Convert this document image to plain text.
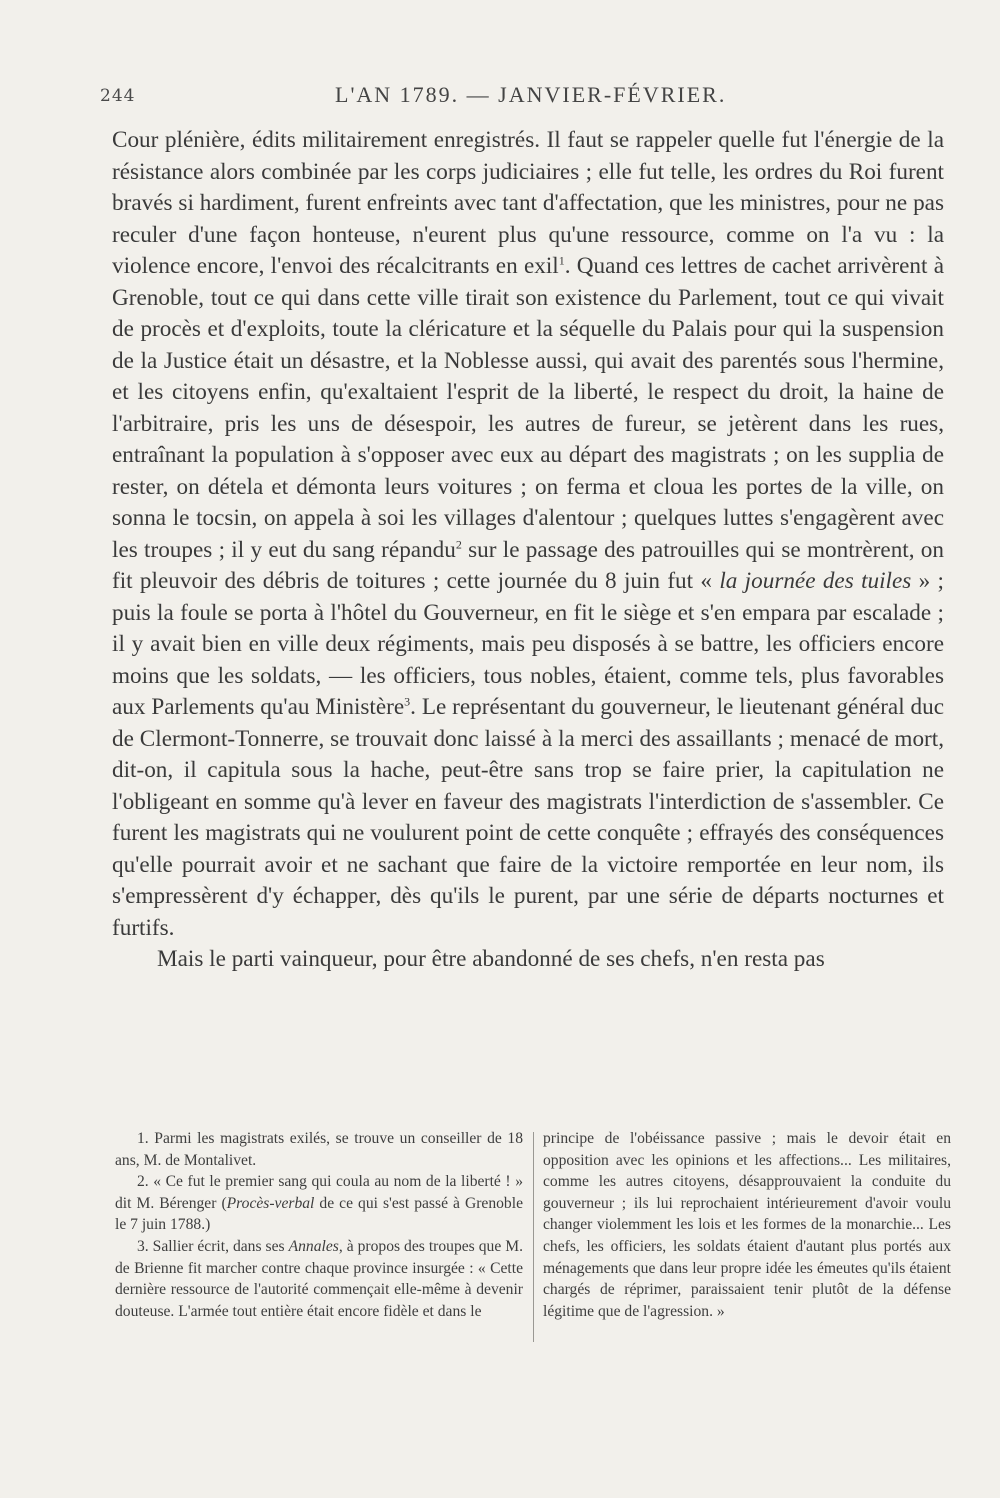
244	L'AN 1789. — JANVIER-FÉVRIER.

Cour plénière, édits militairement enregistrés. Il faut se rappeler quelle fut l'énergie de la résistance alors combinée par les corps judiciaires ; elle fut telle, les ordres du Roi furent bravés si hardiment, furent enfreints avec tant d'affectation, que les ministres, pour ne pas reculer d'une façon honteuse, n'eurent plus qu'une ressource, comme on l'a vu : la violence encore, l'envoi des récalcitrants en exil$^1$. Quand ces lettres de cachet arrivèrent à Grenoble, tout ce qui dans cette ville tirait son existence du Parlement, tout ce qui vivait de procès et d'exploits, toute la cléricature et la séquelle du Palais pour qui la suspension de la Justice était un désastre, et la Noblesse aussi, qui avait des parentés sous l'hermine, et les citoyens enfin, qu'exaltaient l'esprit de la liberté, le respect du droit, la haine de l'arbitraire, pris les uns de désespoir, les autres de fureur, se jetèrent dans les rues, entraînant la population à s'opposer avec eux au départ des magistrats ; on les supplia de rester, on détela et démonta leurs voitures ; on ferma et cloua les portes de la ville, on sonna le tocsin, on appela à soi les villages d'alentour ; quelques luttes s'engagèrent avec les troupes ; il y eut du sang répandu$^2$ sur le passage des patrouilles qui se montrèrent, on fit pleuvoir des débris de toitures ; cette journée du 8 juin fut « la journée des tuiles » ; puis la foule se porta à l'hôtel du Gouverneur, en fit le siège et s'en empara par escalade ; il y avait bien en ville deux régiments, mais peu disposés à se battre, les officiers encore moins que les soldats, — les officiers, tous nobles, étaient, comme tels, plus favorables aux Parlements qu'au Ministère$^3$. Le représentant du gouverneur, le lieutenant général duc de Clermont-Tonnerre, se trouvait donc laissé à la merci des assaillants ; menacé de mort, dit-on, il capitula sous la hache, peut-être sans trop se faire prier, la capitulation ne l'obligeant en somme qu'à lever en faveur des magistrats l'interdiction de s'assembler. Ce furent les magistrats qui ne voulurent point de cette conquête ; effrayés des conséquences qu'elle pourrait avoir et ne sachant que faire de la victoire remportée en leur nom, ils s'empressèrent d'y échapper, dès qu'ils le purent, par une série de départs nocturnes et furtifs.

Mais le parti vainqueur, pour être abandonné de ses chefs, n'en resta pas

1. Parmi les magistrats exilés, se trouve un conseiller de 18 ans, M. de Montalivet.

2. « Ce fut le premier sang qui coula au nom de la liberté ! » dit M. Bérenger (Procès-verbal de ce qui s'est passé à Grenoble le 7 juin 1788.)

3. Sallier écrit, dans ses Annales, à propos des troupes que M. de Brienne fit marcher contre chaque province insurgée : « Cette dernière ressource de l'autorité commençait elle-même à devenir douteuse. L'armée tout entière était encore fidèle et dans le

principe de l'obéissance passive ; mais le devoir était en opposition avec les opinions et les affections... Les militaires, comme les autres citoyens, désapprouvaient la conduite du gouverneur ; ils lui reprochaient intérieurement d'avoir voulu changer violemment les lois et les formes de la monarchie... Les chefs, les officiers, les soldats étaient d'autant plus portés aux ménagements que dans leur propre idée les émeutes qu'ils étaient chargés de réprimer, paraissaient tenir plutôt de la défense légitime que de l'agression. »
